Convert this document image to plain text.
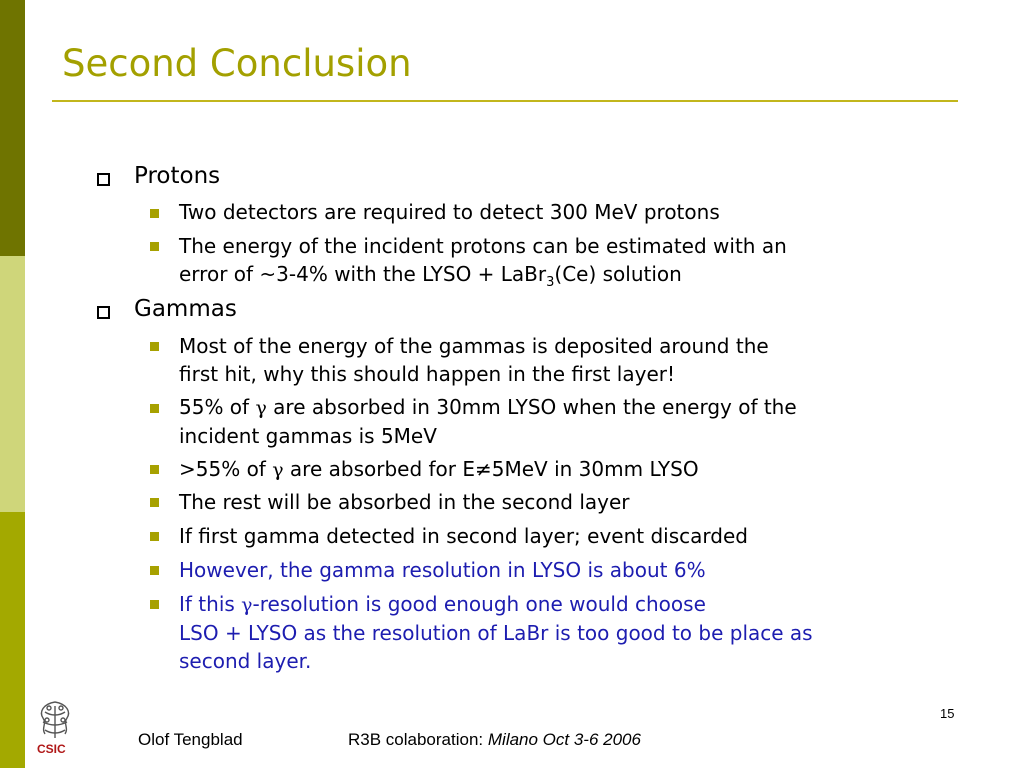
Second Conclusion
Protons
Two detectors are required to detect 300 MeV protons
The energy of the incident protons can be estimated with an
error of ~3-4% with the LYSO + LaBr$_3$(Ce) solution
Gammas
Most of the energy of the gammas is deposited around the
first hit, why this should happen in the first layer!
55% of γ are absorbed in 30mm LYSO when the energy of the
incident gammas is 5MeV
>55% of γ are absorbed for E≠5MeV in 30mm LYSO
The rest will be absorbed in the second layer
If first gamma detected in second layer; event discarded
However, the gamma resolution in LYSO is about 6%
If this γ-resolution is good enough one would choose
LSO + LYSO as the resolution of LaBr is too good to be place as
second layer.
CSIC	Olof Tengblad	R3B colaboration: Milano Oct 3-6 2006
15
